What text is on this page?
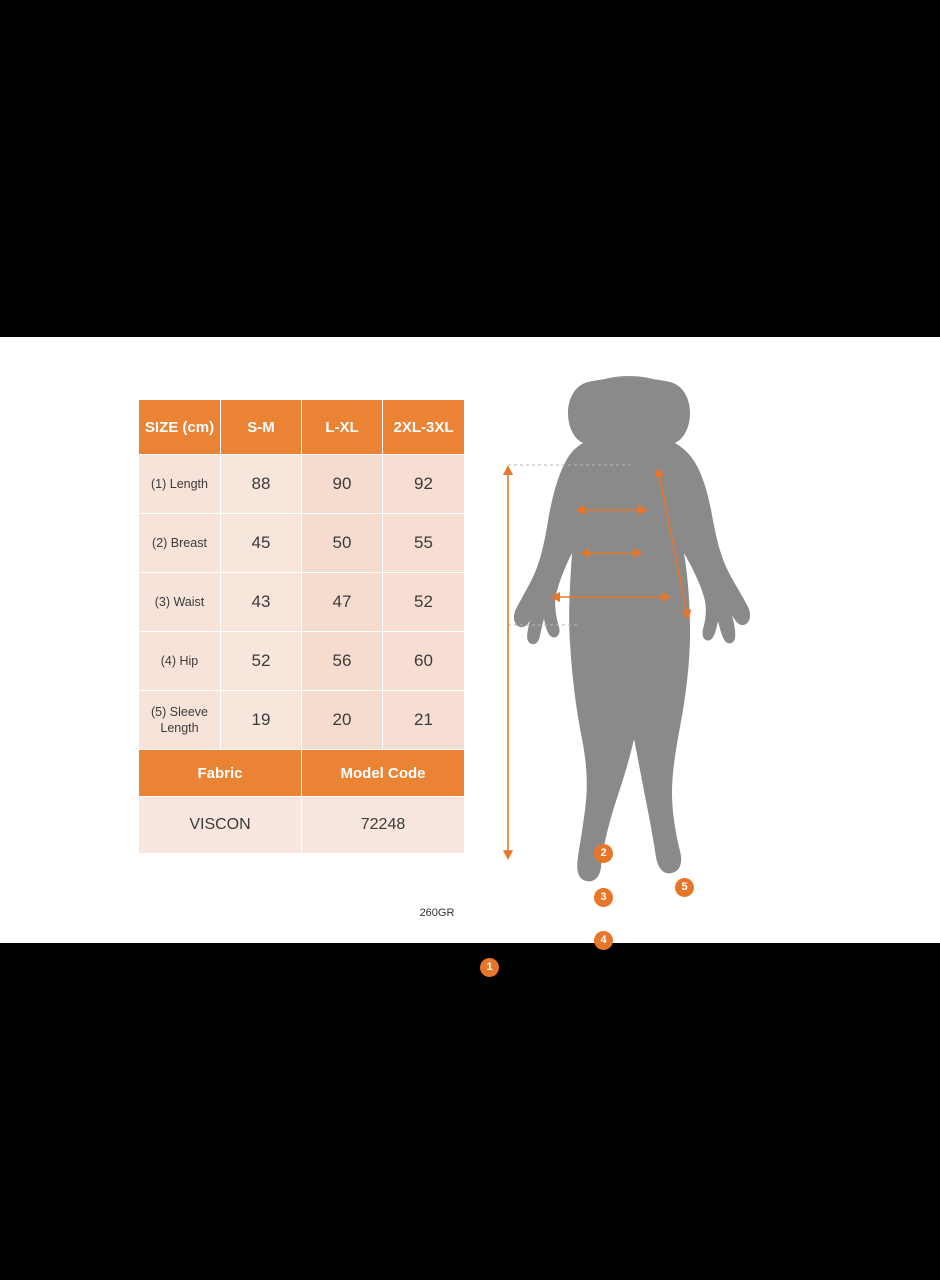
SIZE (cm)	S-M	L-XL	2XL-3XL
(1) Length	88	90	92
(2) Breast	45	50	55
(3) Waist	43	47	52
(4) Hip	52	56	60
(5) Sleeve Length	19	20	21
Fabric		Model Code	
VISCON		72248	
260GR
1
2
3
4
5
